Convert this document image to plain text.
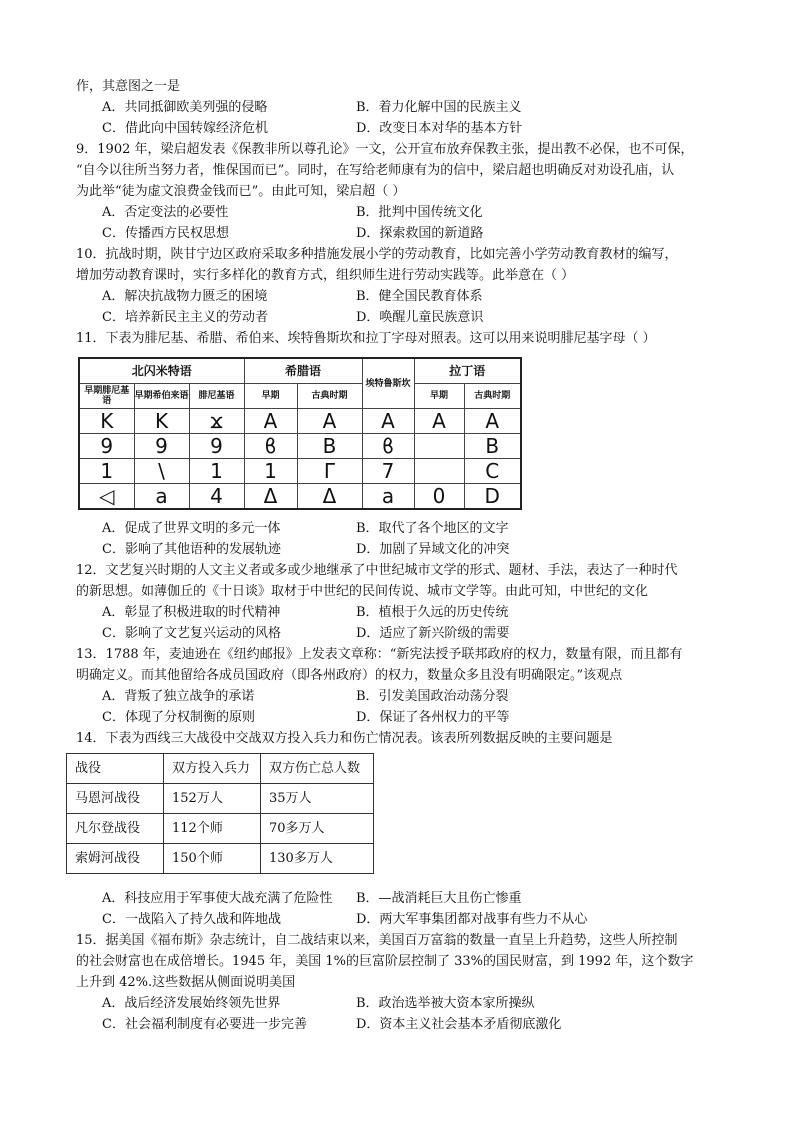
作，其意图之一是
A．共同抵御欧美列强的侵略	B．着力化解中国的民族主义
C．借此向中国转嫁经济危机	D．改变日本对华的基本方针
9．1902 年，梁启超发表《保教非所以尊孔论》一文，公开宣布放弃保教主张，提出教不必保，也不可保，
“自今以往所当努力者，惟保国而已”。同时，在写给老师康有为的信中，梁启超也明确反对劝设孔庙，认
为此举“徒为虚文浪费金钱而已”。由此可知，梁启超（ ）
A．否定变法的必要性	B．批判中国传统文化
C．传播西方民权思想	D．探索救国的新道路
10．抗战时期，陕甘宁边区政府采取多种措施发展小学的劳动教育，比如完善小学劳动教育教材的编写，
增加劳动教育课时，实行多样化的教育方式，组织师生进行劳动实践等。此举意在（ ）
A．解决抗战物力匮乏的困境	B．健全国民教育体系
C．培养新民主主义的劳动者	D．唤醒儿童民族意识
11．下表为腓尼基、希腊、希伯来、埃特鲁斯坎和拉丁字母对照表。这可以用来说明腓尼基字母（ ）
北闪米特语			希腊语		埃特鲁斯坎	拉丁语	
早期腓尼基语	早期希伯来语	腓尼基语	早期	古典时期		早期	古典时期
K	K	ϫ	A	A	A	A	A
9	9	9	ϐ	B	ϐ		B
1	\	1	1	Γ	7		C
◁	a	4	Δ	Δ	a	0	D
A．促成了世界文明的多元一体	B．取代了各个地区的文字
C．影响了其他语种的发展轨迹	D．加剧了异域文化的冲突
12．文艺复兴时期的人文主义者或多或少地继承了中世纪城市文学的形式、题材、手法，表达了一种时代
的新思想。如薄伽丘的《十日谈》取材于中世纪的民间传说、城市文学等。由此可知，中世纪的文化
A．彰显了积极进取的时代精神	B．植根于久远的历史传统
C．影响了文艺复兴运动的风格	D．适应了新兴阶级的需要
13．1788 年，麦迪逊在《纽约邮报》上发表文章称：“新宪法授予联邦政府的权力，数量有限，而且都有
明确定义。而其他留给各成员国政府（即各州政府）的权力，数量众多且没有明确限定。”该观点
A．背叛了独立战争的承诺	B．引发美国政治动荡分裂
C．体现了分权制衡的原则	D．保证了各州权力的平等
14．下表为西线三大战役中交战双方投入兵力和伤亡情况表。该表所列数据反映的主要问题是
战役	双方投入兵力	双方伤亡总人数
马恩河战役	152万人	35万人
凡尔登战役	112个师	70多万人
索姆河战役	150个师	130多万人
A．科技应用于军事使大战充满了危险性	B．—战消耗巨大且伤亡惨重
C．一战陷入了持久战和阵地战	D．两大军事集团都对战事有些力不从心
15．据美国《福布斯》杂志统计，自二战结束以来，美国百万富翁的数量一直呈上升趋势，这些人所控制
的社会财富也在成倍增长。1945 年，美国 1%的巨富阶层控制了 33%的国民财富，到 1992 年，这个数字
上升到 42%.这些数据从侧面说明美国
A．战后经济发展始终领先世界	B．政治选举被大资本家所操纵
C．社会福利制度有必要进一步完善	D．资本主义社会基本矛盾彻底激化
